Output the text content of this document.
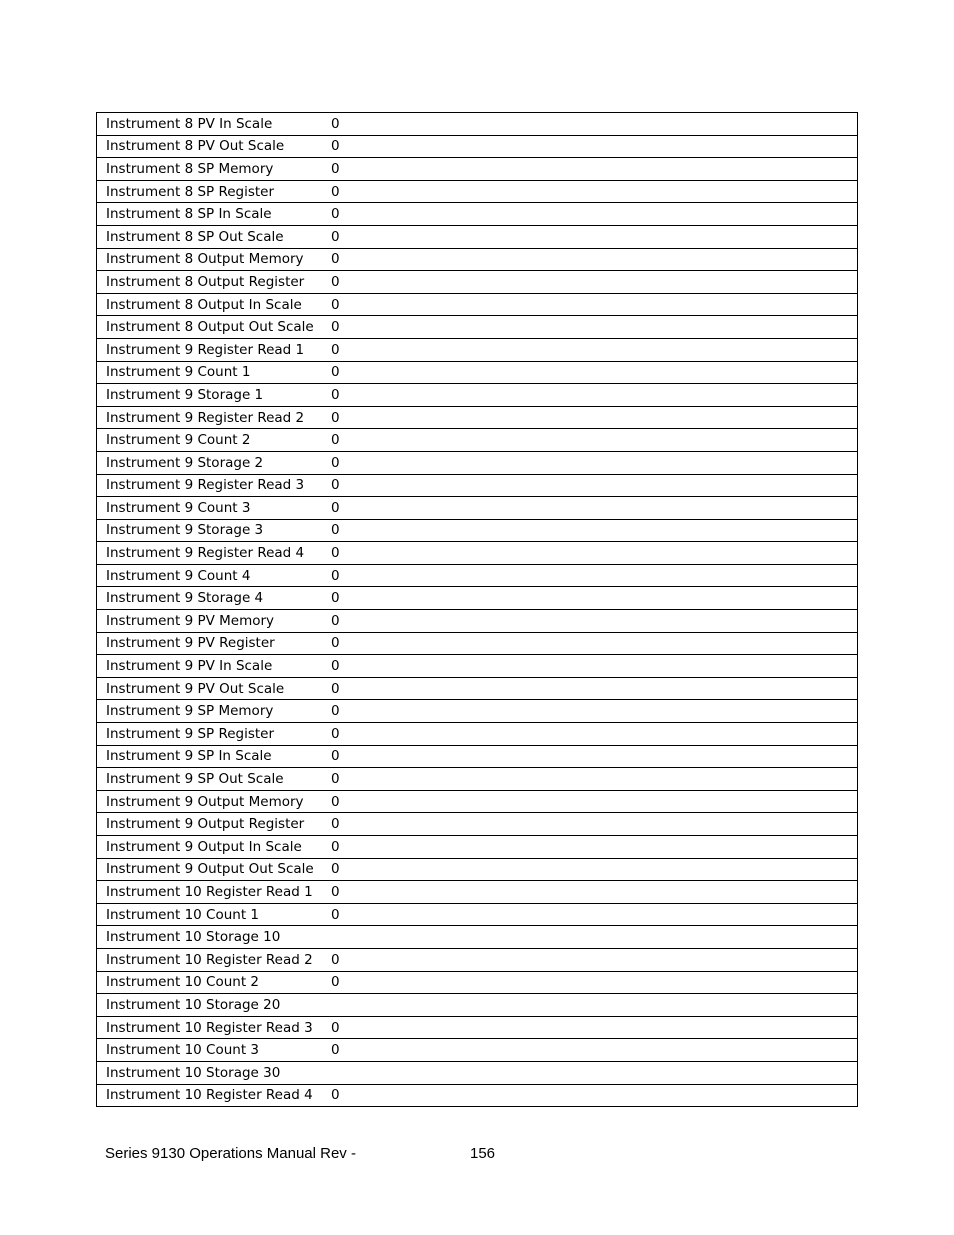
Instrument 8 PV In Scale	0
Instrument 8 PV Out Scale	0
Instrument 8 SP Memory	0
Instrument 8 SP Register	0
Instrument 8 SP In Scale	0
Instrument 8 SP Out Scale	0
Instrument 8 Output Memory	0
Instrument 8 Output Register	0
Instrument 8 Output In Scale	0
Instrument 8 Output Out Scale	0
Instrument 9 Register Read 1	0
Instrument 9 Count 1	0
Instrument 9 Storage 1	0
Instrument 9 Register Read 2	0
Instrument 9 Count 2	0
Instrument 9 Storage 2	0
Instrument 9 Register Read 3	0
Instrument 9 Count 3	0
Instrument 9 Storage 3	0
Instrument 9 Register Read 4	0
Instrument 9 Count 4	0
Instrument 9 Storage 4	0
Instrument 9 PV Memory	0
Instrument 9 PV Register	0
Instrument 9 PV In Scale	0
Instrument 9 PV Out Scale	0
Instrument 9 SP Memory	0
Instrument 9 SP Register	0
Instrument 9 SP In Scale	0
Instrument 9 SP Out Scale	0
Instrument 9 Output Memory	0
Instrument 9 Output Register	0
Instrument 9 Output In Scale	0
Instrument 9 Output Out Scale	0
Instrument 10 Register Read 1	0
Instrument 10 Count 1	0
Instrument 10 Storage 10	
Instrument 10 Register Read 2	0
Instrument 10 Count 2	0
Instrument 10 Storage 20	
Instrument 10 Register Read 3	0
Instrument 10 Count 3	0
Instrument 10 Storage 30	
Instrument 10 Register Read 4	0
Series 9130 Operations Manual Rev -	156
